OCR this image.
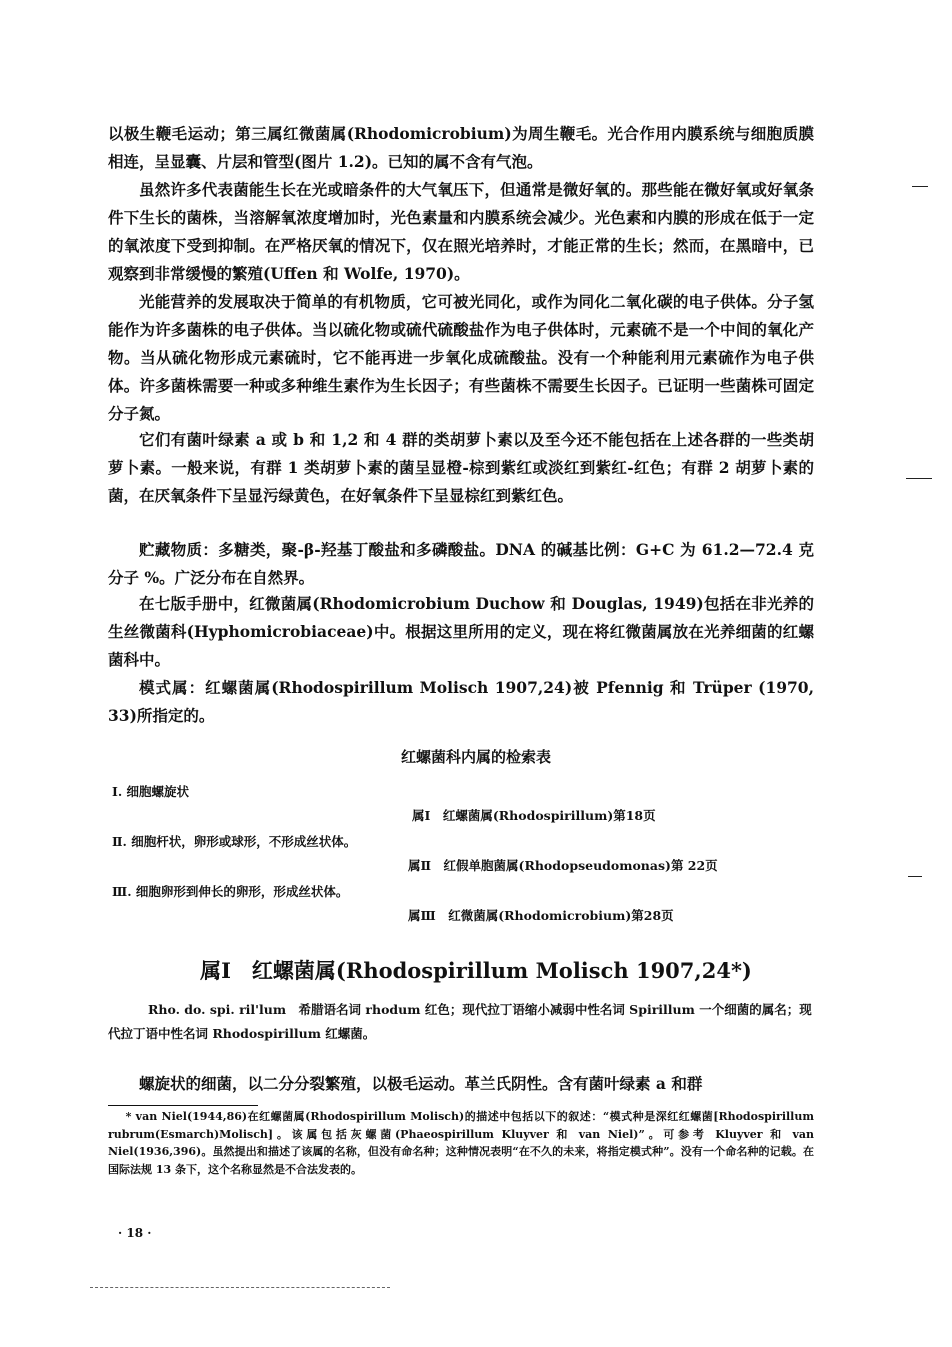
以极生鞭毛运动；第三属红微菌属(Rhodomicrobium)为周生鞭毛。光合作用内膜系统与细胞质膜相连，呈显囊、片层和管型(图片 1.2)。已知的属不含有气泡。

虽然许多代表菌能生长在光或暗条件的大气氧压下，但通常是微好氧的。那些能在微好氧或好氧条件下生长的菌株，当溶解氧浓度增加时，光色素量和内膜系统会减少。光色素和内膜的形成在低于一定的氧浓度下受到抑制。在严格厌氧的情况下，仅在照光培养时，才能正常的生长；然而，在黑暗中，已观察到非常缓慢的繁殖(Uffen 和 Wolfe, 1970)。

光能营养的发展取决于简单的有机物质，它可被光同化，或作为同化二氧化碳的电子供体。分子氢能作为许多菌株的电子供体。当以硫化物或硫代硫酸盐作为电子供体时，元素硫不是一个中间的氧化产物。当从硫化物形成元素硫时，它不能再进一步氧化成硫酸盐。没有一个种能利用元素硫作为电子供体。许多菌株需要一种或多种维生素作为生长因子；有些菌株不需要生长因子。已证明一些菌株可固定分子氮。

它们有菌叶绿素 a 或 b 和 1,2 和 4 群的类胡萝卜素以及至今还不能包括在上述各群的一些类胡萝卜素。一般来说，有群 1 类胡萝卜素的菌呈显橙-棕到紫红或淡红到紫红-红色；有群 2 胡萝卜素的菌，在厌氧条件下呈显污绿黄色，在好氧条件下呈显棕红到紫红色。

贮藏物质：多糖类，聚-β-羟基丁酸盐和多磷酸盐。DNA 的碱基比例：G+C 为 61.2—72.4 克分子 %。广泛分布在自然界。

在七版手册中，红微菌属(Rhodomicrobium Duchow 和 Douglas, 1949)包括在非光养的生丝微菌科(Hyphomicrobiaceae)中。根据这里所用的定义，现在将红微菌属放在光养细菌的红螺菌科中。

模式属：红螺菌属(Rhodospirillum Molisch 1907,24)被 Pfennig 和 Trüper (1970, 33)所指定的。

红螺菌科内属的检索表

Ⅰ. 细胞螺旋状

属Ⅰ　红螺菌属(Rhodospirillum)第18页

Ⅱ. 细胞杆状，卵形或球形，不形成丝状体。

属Ⅱ　红假单胞菌属(Rhodopseudomonas)第 22页

Ⅲ. 细胞卵形到伸长的卵形，形成丝状体。

属Ⅲ　红微菌属(Rhodomicrobium)第28页

属Ⅰ　红螺菌属(Rhodospirillum Molisch 1907,24*)

Rho. do. spi. ril'lum　希腊语名词 rhodum 红色；现代拉丁语缩小减弱中性名词 Spirillum 一个细菌的属名；现代拉丁语中性名词 Rhodospirillum 红螺菌。

螺旋状的细菌，以二分分裂繁殖，以极毛运动。革兰氏阴性。含有菌叶绿素 a 和群

* van Niel(1944,86)在红螺菌属(Rhodospirillum Molisch)的描述中包括以下的叙述：“模式种是深红红螺菌[Rhodospirillum rubrum(Esmarch)Molisch]。该属包括灰螺菌(Phaeospirillum Kluyver 和 van Niel)”。可参考 Kluyver 和 van Niel(1936,396)。虽然提出和描述了该属的名称，但没有命名种；这种情况表明“在不久的未来，将指定模式种”。没有一个命名种的记载。在国际法规 13 条下，这个名称显然是不合法发表的。

· 18 ·
